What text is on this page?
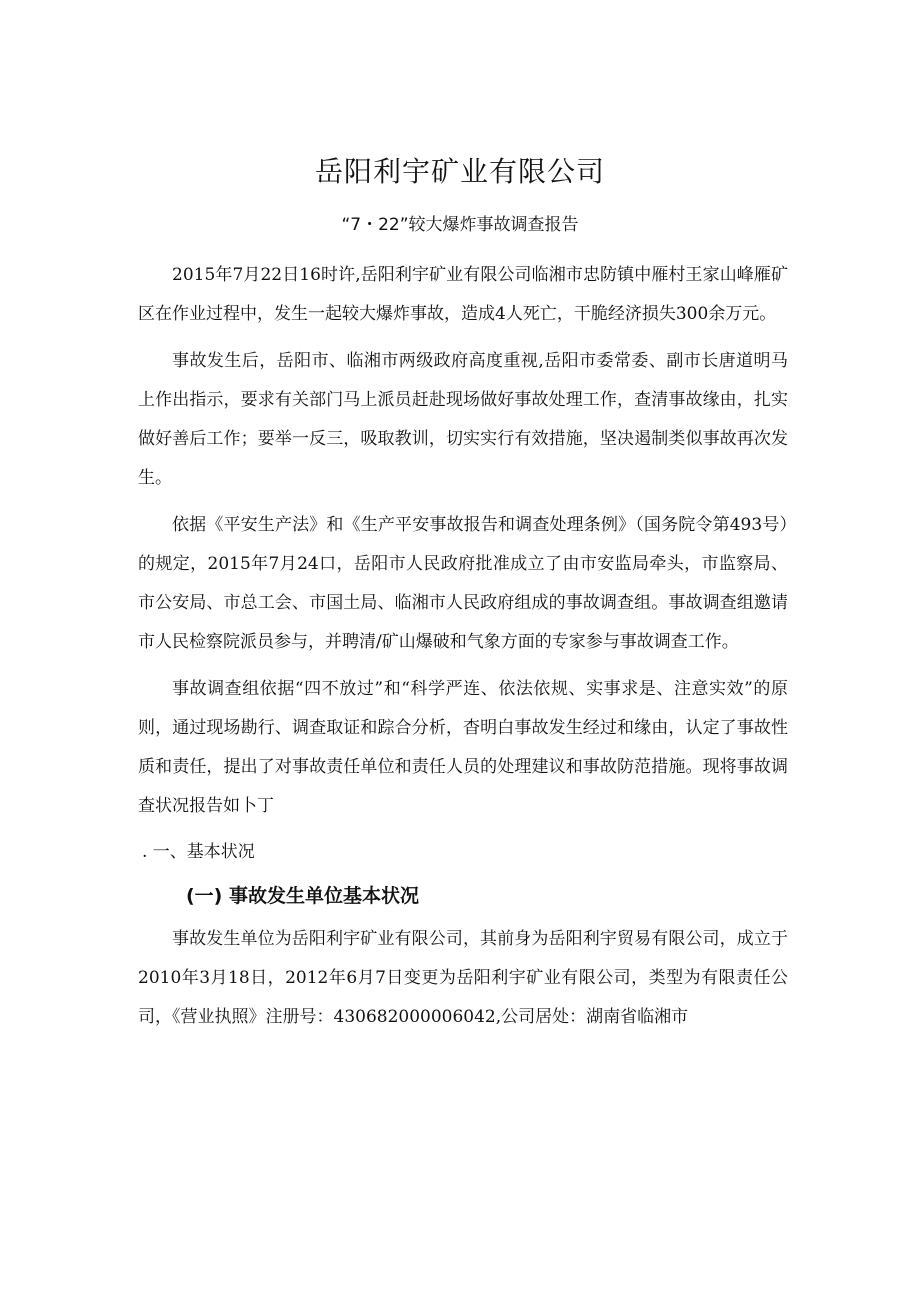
岳阳利宇矿业有限公司
“7・22”较大爆炸事故调查报告

2015年7月22日16时许,岳阳利宇矿业有限公司临湘市忠防镇中雁村王家山峰雁矿区在作业过程中，发生一起较大爆炸事故，造成4人死亡，干脆经济损失300余万元。

事故发生后，岳阳市、临湘市两级政府高度重视,岳阳市委常委、副市长唐道明马上作出指示，要求有关部门马上派员赶赴现场做好事故处理工作，查清事故缘由，扎实做好善后工作；要举一反三，吸取教训，切实实行有效措施，坚决遏制类似事故再次发生。

依据《平安生产法》和《生产平安事故报告和调查处理条例》（国务院令第493号）的规定，2015年7月24口，岳阳市人民政府批准成立了由市安监局牵头，市监察局、市公安局、市总工会、市国土局、临湘市人民政府组成的事故调查组。事故调查组邀请市人民检察院派员参与，并聘清/矿山爆破和气象方面的专家参与事故调查工作。

事故调查组依据“四不放过”和“科学严连、依法依规、实事求是、注意实效”的原则，通过现场勘行、调查取证和踪合分析，杳明白事故发生经过和缘由，认定了事故性质和责任，提出了对事故责任单位和责任人员的处理建议和事故防范措施。现将事故调查状况报告如卜丁

. 一、基本状况
(一) 事故发生单位基本状况

事故发生单位为岳阳利宇矿业有限公司，其前身为岳阳利宇贸易有限公司，成立于2010年3月18日，2012年6月7日变更为岳阳利宇矿业有限公司，类型为有限责任公司，《营业执照》注册号：430682000006042,公司居处：湖南省临湘市
